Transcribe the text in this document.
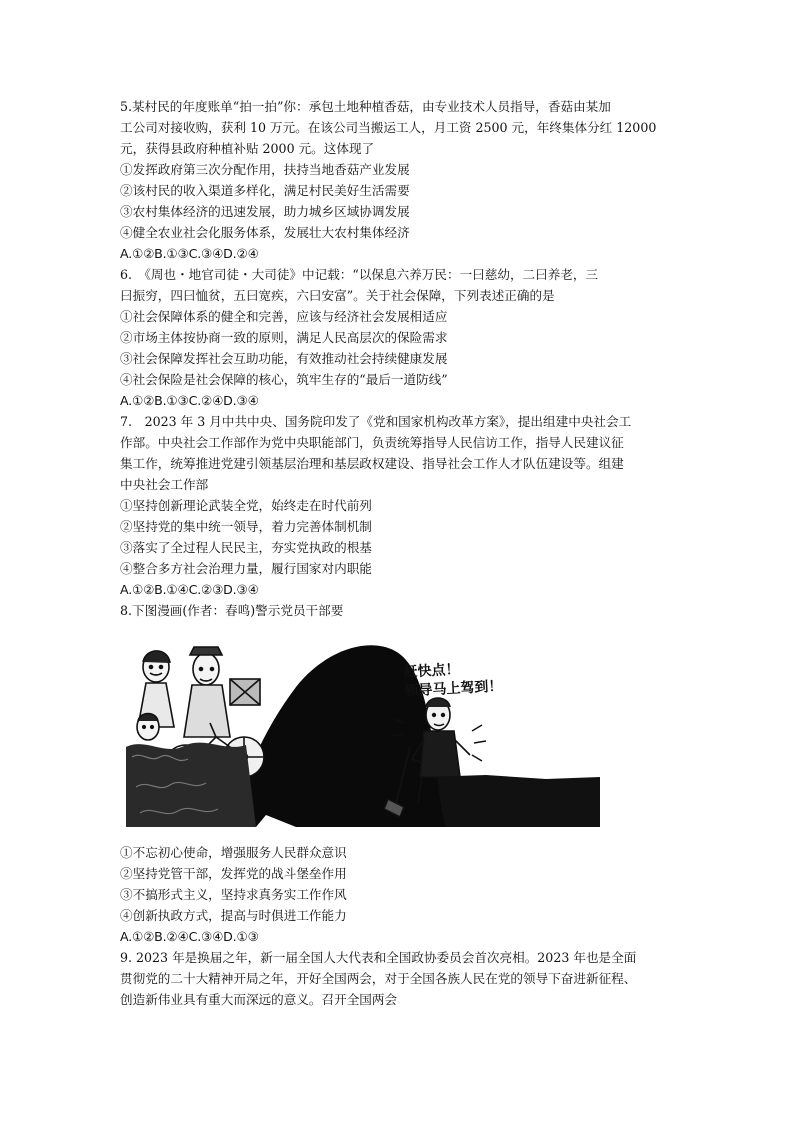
5.某村民的年度账单“拍一拍”你：承包土地种植香菇，由专业技术人员指导，香菇由某加
工公司对接收购，获利 10 万元。在该公司当搬运工人，月工资 2500 元，年终集体分红 12000
元，获得县政府种植补贴 2000 元。这体现了
①发挥政府第三次分配作用，扶持当地香菇产业发展
②该村民的收入渠道多样化，满足村民美好生活需要
③农村集体经济的迅速发展，助力城乡区域协调发展
④健全农业社会化服务体系，发展壮大农村集体经济
A.①②B.①③C.③④D.②④
6.　《周也・地官司徒・大司徒》中记载：“以保息六养万民：一曰慈幼，二曰养老，三
曰振穷，四曰恤贫，五曰宽疾，六曰安富”。关于社会保障，下列表述正确的是
①社会保障体系的健全和完善，应该与经济社会发展相适应
②市场主体按协商一致的原则，满足人民高层次的保险需求
③社会保障发挥社会互助功能，有效推动社会持续健康发展
④社会保险是社会保障的核心，筑牢生存的“最后一道防线”
A.①②B.①③C.②④D.③④
7.　2023 年 3 月中共中央、国务院印发了《党和国家机构改革方案》，提出组建中央社会工
作部。中央社会工作部作为党中央职能部门，负责统筹指导人民信访工作，指导人民建议征
集工作，统筹推进党建引领基层治理和基层政权建设、指导社会工作人才队伍建设等。组建
中央社会工作部
①坚持创新理论武装全党，始终走在时代前列
②坚持党的集中统一领导，着力完善体制机制
③落实了全过程人民民主，夯实党执政的根基
④整合多方社会治理力量，履行国家对内职能
A.①②B.①④C.②③D.③④
8.下图漫画(作者：春鸣)警示党员干部要
赶快点！
领导马上驾到！
①不忘初心使命，增强服务人民群众意识
②坚持党管干部，发挥党的战斗堡垒作用
③不搞形式主义，坚持求真务实工作作风
④创新执政方式，提高与时俱进工作能力
A.①②B.②④C.③④D.①③
9. 2023 年是换届之年，新一届全国人大代表和全国政协委员会首次亮相。2023 年也是全面
贯彻党的二十大精神开局之年，开好全国两会，对于全国各族人民在党的领导下奋进新征程、
创造新伟业具有重大而深远的意义。召开全国两会
